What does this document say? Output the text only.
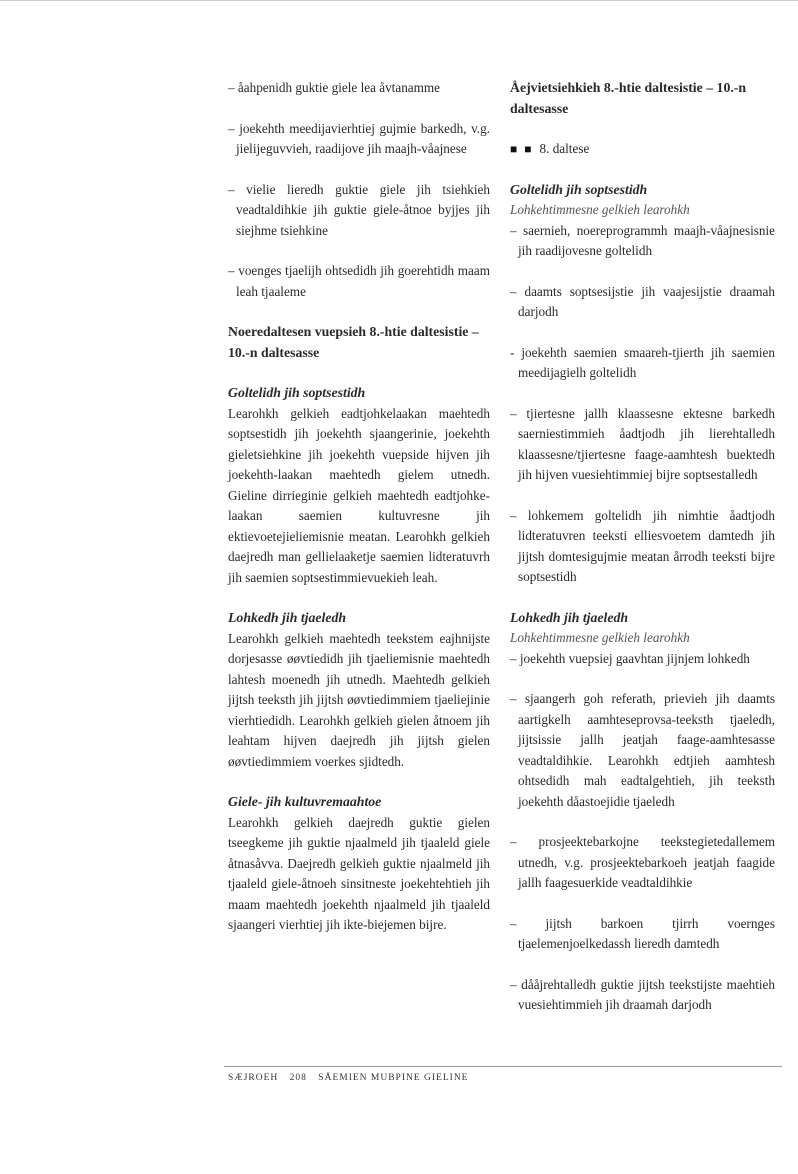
– åahpenidh guktie giele lea åvtanamme

– joekehth meedijavierhtiej gujmie barkedh, v.g. jielijeguvvieh, raadijove jih maajh-våajnese

– vielie lieredh guktie giele jih tsiehkieh veadtaldihkie jih guktie giele-åtnoe byjjes jih siejhme tsiehkine

– voenges tjaelijh ohtsedidh jih goerehtidh maam leah tjaaleme

Noeredaltesen vuepsieh 8.-htie daltesistie – 10.-n daltesasse
Goltelidh jih soptsestidh

Learohkh gelkieh eadtjohkelaakan maehtedh soptsestidh jih joekehth sjaangerinie, joekehth gieletsiehkine jih joekehth vuepside hijven jih joekehth-laakan maehtedh gielem utnedh. Gieline dirrieginie gelkieh maehtedh eadtjohke-laakan saemien kultuvresne jih ektievoetejieliemisnie meatan. Learohkh gelkieh daejredh man gellielaaketje saemien lidteratuvrh jih saemien soptsestimmievuekieh leah.

Lohkedh jih tjaeledh

Learohkh gelkieh maehtedh teekstem eajhnijste dorjesasse øøvtiedidh jih tjaeliemisnie maehtedh lahtesh moenedh jih utnedh. Maehtedh gelkieh jijtsh teeksth jih jijtsh øøvtiedimmiem tjaeliejinie vierhtiedidh. Learohkh gelkieh gielen åtnoem jih leahtam hijven daejredh jih jijtsh gielen øøvtiedimmiem voerkes sjidtedh.

Giele- jih kultuvremaahtoe

Learohkh gelkieh daejredh guktie gielen tseegkeme jih guktie njaalmeld jih tjaaleld giele åtnasåvva. Daejredh gelkieh guktie njaalmeld jih tjaaleld giele-åtnoeh sinsitneste joekehtehtieh jih maam maehtedh joekehth njaalmeld jih tjaaleld sjaangeri vierhtiej jih ikte-biejemen bijre.

Åejvietsiehkieh 8.-htie daltesistie – 10.-n daltesasse

■ ■ 8. daltese

Goltelidh jih soptsestidh

Lohkehtimmesne gelkieh learohkh

– saernieh, noereprogrammh maajh-våajnesisnie jih raadijovesne goltelidh

– daamts soptsesijstie jih vaajesijstie draamah darjodh

- joekehth saemien smaareh-tjierth jih saemien meedijagielh goltelidh

– tjiertesne jallh klaassesne ektesne barkedh saerniestimmieh åadtjodh jih lierehtalledh klaassesne/tjiertesne faage-aamhtesh buektedh jih hijven vuesiehtimmiej bijre soptsestalledh

– lohkemem goltelidh jih nimhtie åadtjodh lidteratuvren teeksti elliesvoetem damtedh jih jijtsh domtesigujmie meatan årrodh teeksti bijre soptsestidh

Lohkedh jih tjaeledh

Lohkehtimmesne gelkieh learohkh

– joekehth vuepsiej gaavhtan jijnjem lohkedh

– sjaangerh goh referath, prievieh jih daamts aartigkelh aamhteseprovsa-teeksth tjaeledh, jijtsissie jallh jeatjah faage-aamhtesasse veadtaldihkie. Learohkh edtjieh aamhtesh ohtsedidh mah eadtalgehtieh, jih teeksth joekehth dåastoejidie tjaeledh

– prosjeektebarkojne teekstegietedallemem utnedh, v.g. prosjeektebarkoeh jeatjah faagide jallh faagesuerkide veadtaldihkie

– jijtsh barkoen tjirrh voernges tjaelemenjoelkedassh lieredh damtedh

– dååjrehtalledh guktie jijtsh teekstijste maehtieh vuesiehtimmieh jih draamah darjodh

SÆJROEH 208 SÅEMIEN MUBPINE GIELINE
